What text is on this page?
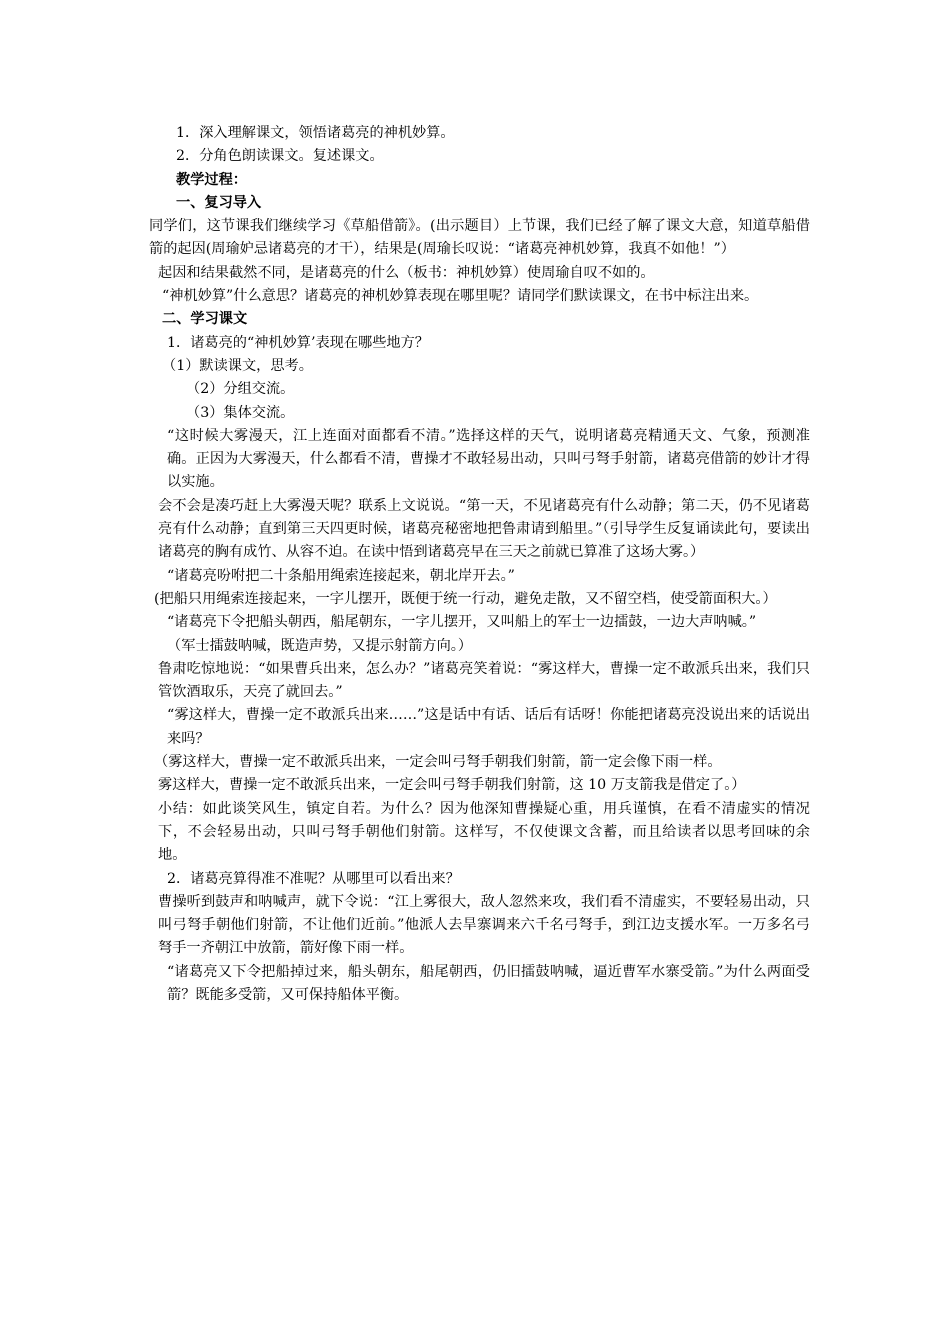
1．深入理解课文，领悟诸葛亮的神机妙算。

2．分角色朗读课文。复述课文。

教学过程：

一、复习导入

同学们，这节课我们继续学习《草船借箭》。(出示题目）上节课，我们已经了解了课文大意，知道草船借箭的起因(周瑜妒忌诸葛亮的才干），结果是(周瑜长叹说：“诸葛亮神机妙算，我真不如他！”）

起因和结果截然不同，是诸葛亮的什么（板书：神机妙算）使周瑜自叹不如的。

“神机妙算”什么意思？诸葛亮的神机妙算表现在哪里呢？请同学们默读课文，在书中标注出来。

二、学习课文

1．诸葛亮的“神机妙算’表现在哪些地方？

（1）默读课文，思考。

（2）分组交流。

（3）集体交流。

“这时候大雾漫天，江上连面对面都看不清。”选择这样的天气，说明诸葛亮精通天文、气象，预测准确。正因为大雾漫天，什么都看不清，曹操才不敢轻易出动，只叫弓弩手射箭，诸葛亮借箭的妙计才得以实施。

会不会是凑巧赶上大雾漫天呢？联系上文说说。“第一天，不见诸葛亮有什么动静；第二天，仍不见诸葛亮有什么动静；直到第三天四更时候，诸葛亮秘密地把鲁肃请到船里。”（引导学生反复诵读此句，要读出诸葛亮的胸有成竹、从容不迫。在读中悟到诸葛亮早在三天之前就已算准了这场大雾。）

“诸葛亮吩咐把二十条船用绳索连接起来，朝北岸开去。”

(把船只用绳索连接起来，一字儿摆开，既便于统一行动，避免走散，又不留空档，使受箭面积大。）

“诸葛亮下令把船头朝西，船尾朝东，一字儿摆开，又叫船上的军士一边擂鼓，一边大声呐喊。”

（军士擂鼓呐喊，既造声势，又提示射箭方向。）

鲁肃吃惊地说：“如果曹兵出来，怎么办？”诸葛亮笑着说：“雾这样大，曹操一定不敢派兵出来，我们只管饮酒取乐，天亮了就回去。”

“雾这样大，曹操一定不敢派兵出来……”这是话中有话、话后有话呀！你能把诸葛亮没说出来的话说出来吗？

（雾这样大，曹操一定不敢派兵出来，一定会叫弓弩手朝我们射箭，箭一定会像下雨一样。

雾这样大，曹操一定不敢派兵出来，一定会叫弓弩手朝我们射箭，这 10 万支箭我是借定了。）

小结：如此谈笑风生，镇定自若。为什么？因为他深知曹操疑心重，用兵谨慎，在看不清虚实的情况下，不会轻易出动，只叫弓弩手朝他们射箭。这样写，不仅使课文含蓄，而且给读者以思考回味的余地。

2．诸葛亮算得准不准呢？从哪里可以看出来？

曹操听到鼓声和呐喊声，就下令说：“江上雾很大，敌人忽然来攻，我们看不清虚实，不要轻易出动，只叫弓弩手朝他们射箭，不让他们近前。”他派人去旱寨调来六千名弓弩手，到江边支援水军。一万多名弓弩手一齐朝江中放箭，箭好像下雨一样。

“诸葛亮又下令把船掉过来，船头朝东，船尾朝西，仍旧擂鼓呐喊，逼近曹军水寨受箭。”为什么两面受箭？既能多受箭，又可保持船体平衡。
